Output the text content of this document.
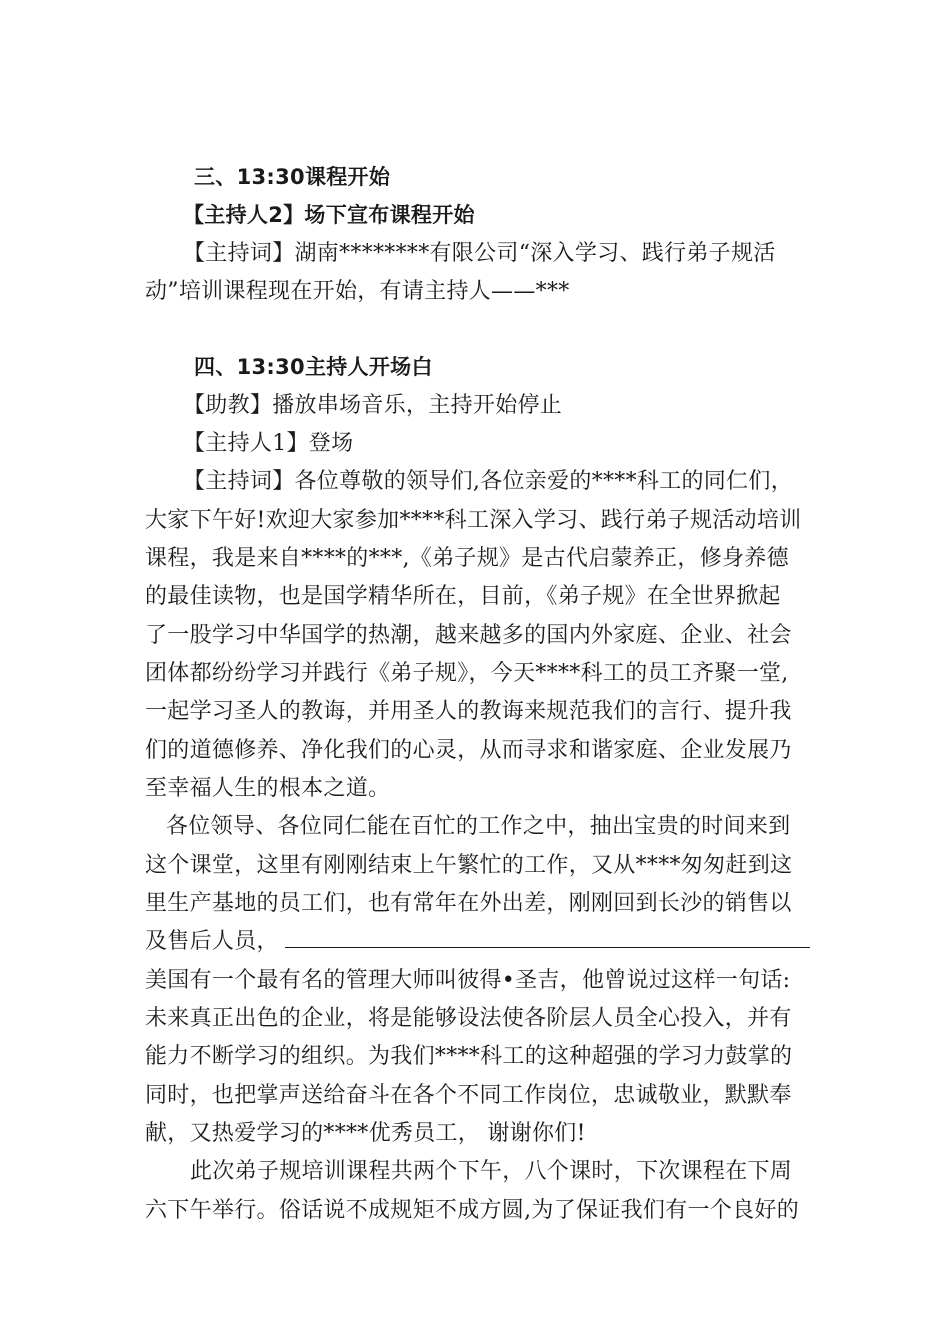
三、13:30课程开始
【主持人2】场下宣布课程开始
【主持词】湖南********有限公司“深入学习、践行弟子规活
动”培训课程现在开始，有请主持人——***
四、13:30主持人开场白
【助教】播放串场音乐，主持开始停止
【主持人1】登场
【主持词】各位尊敬的领导们,各位亲爱的****科工的同仁们，
大家下午好!欢迎大家参加****科工深入学习、践行弟子规活动培训
课程，我是来自****的***,《弟子规》是古代启蒙养正，修身养德
的最佳读物，也是国学精华所在，目前，《弟子规》在全世界掀起
了一股学习中华国学的热潮，越来越多的国内外家庭、企业、社会
团体都纷纷学习并践行《弟子规》，今天****科工的员工齐聚一堂,
一起学习圣人的教诲，并用圣人的教诲来规范我们的言行、提升我
们的道德修养、净化我们的心灵，从而寻求和谐家庭、企业发展乃
至幸福人生的根本之道。
各位领导、各位同仁能在百忙的工作之中，抽出宝贵的时间来到
这个课堂，这里有刚刚结束上午繁忙的工作，又从****匆匆赶到这
里生产基地的员工们，也有常年在外出差，刚刚回到长沙的销售以
及售后人员，
美国有一个最有名的管理大师叫彼得•圣吉，他曾说过这样一句话:
未来真正出色的企业，将是能够设法使各阶层人员全心投入，并有
能力不断学习的组织。为我们****科工的这种超强的学习力鼓掌的
同时，也把掌声送给奋斗在各个不同工作岗位，忠诚敬业，默默奉
献，又热爱学习的****优秀员工， 谢谢你们!
此次弟子规培训课程共两个下午，八个课时，下次课程在下周
六下午举行。俗话说不成规矩不成方圆,为了保证我们有一个良好的
